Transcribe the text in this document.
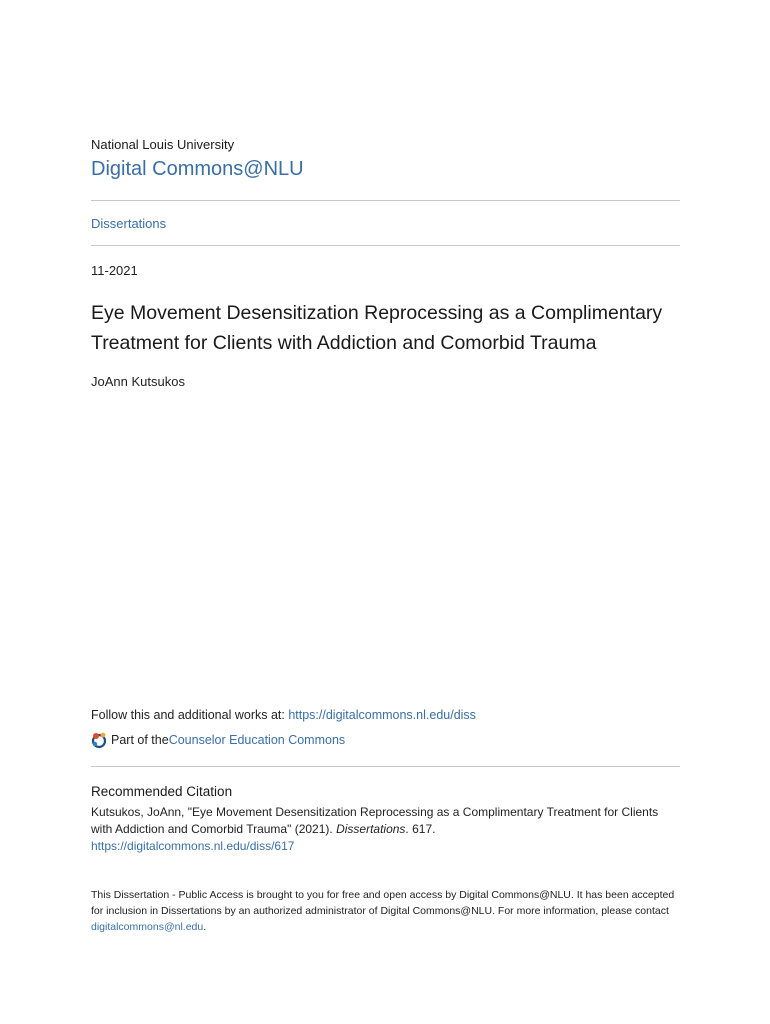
National Louis University
Digital Commons@NLU
Dissertations
11-2021
Eye Movement Desensitization Reprocessing as a Complimentary Treatment for Clients with Addiction and Comorbid Trauma
JoAnn Kutsukos
Follow this and additional works at: https://digitalcommons.nl.edu/diss
Part of the Counselor Education Commons
Recommended Citation
Kutsukos, JoAnn, "Eye Movement Desensitization Reprocessing as a Complimentary Treatment for Clients with Addiction and Comorbid Trauma" (2021). Dissertations. 617.
https://digitalcommons.nl.edu/diss/617
This Dissertation - Public Access is brought to you for free and open access by Digital Commons@NLU. It has been accepted for inclusion in Dissertations by an authorized administrator of Digital Commons@NLU. For more information, please contact digitalcommons@nl.edu.
